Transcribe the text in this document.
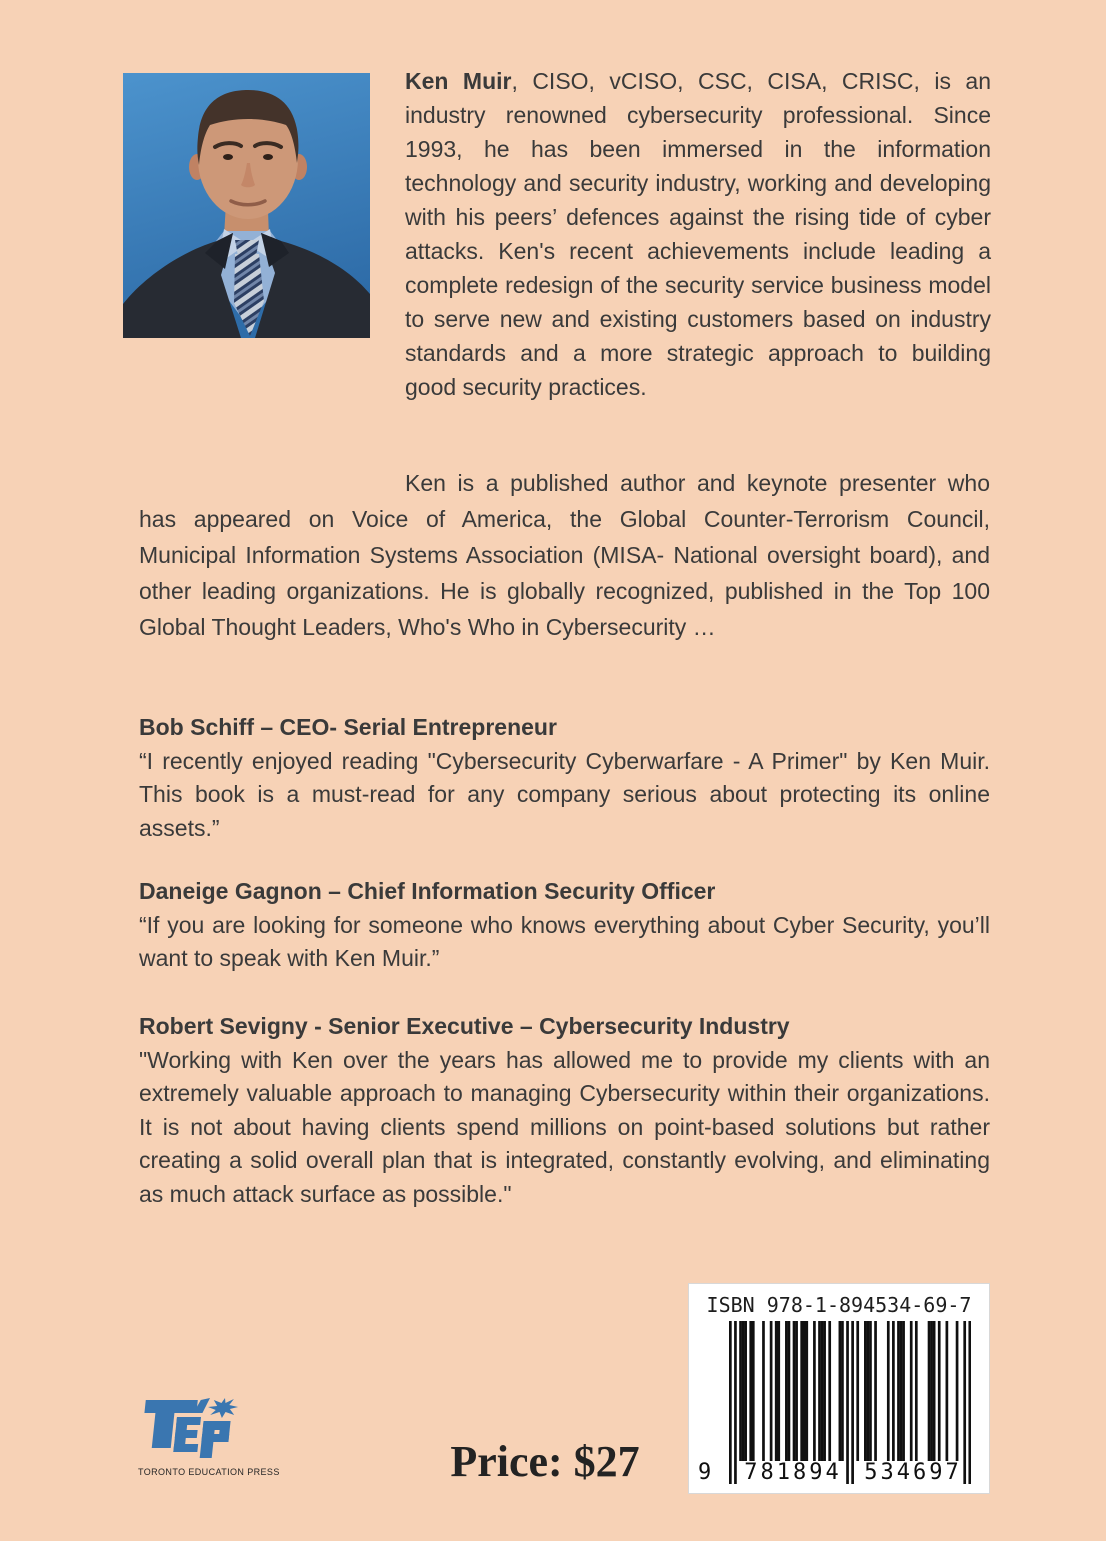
Ken Muir, CISO, vCISO, CSC, CISA, CRISC, is an industry renowned cybersecurity professional. Since 1993, he has been immersed in the information technology and security industry, working and developing with his peers’ defences against the rising tide of cyber attacks. Ken's recent achievements include leading a complete redesign of the security service business model to serve new and existing customers based on industry standards and a more strategic approach to building good security practices.
Ken is a published author and keynote presenter who has appeared on Voice of America, the Global Counter-Terrorism Council, Municipal Information Systems Association (MISA- National oversight board), and other leading organizations. He is globally recognized, published in the Top 100 Global Thought Leaders, Who's Who in Cybersecurity …
Bob Schiff – CEO- Serial Entrepreneur
“I recently enjoyed reading "Cybersecurity Cyberwarfare - A Primer" by Ken Muir. This book is a must-read for any company serious about protecting its online assets.”
Daneige Gagnon – Chief Information Security Officer
“If you are looking for someone who knows everything about Cyber Security, you’ll want to speak with Ken Muir.”
Robert Sevigny - Senior Executive – Cybersecurity Industry
"Working with Ken over the years has allowed me to provide my clients with an extremely valuable approach to managing Cybersecurity within their organizations. It is not about having clients spend millions on point-based solutions but rather creating a solid overall plan that is integrated, constantly evolving, and eliminating as much attack surface as possible."
ISBN 978-1-894534-69-7
9 781894 534697
TORONTO EDUCATION PRESS	Price: $27
